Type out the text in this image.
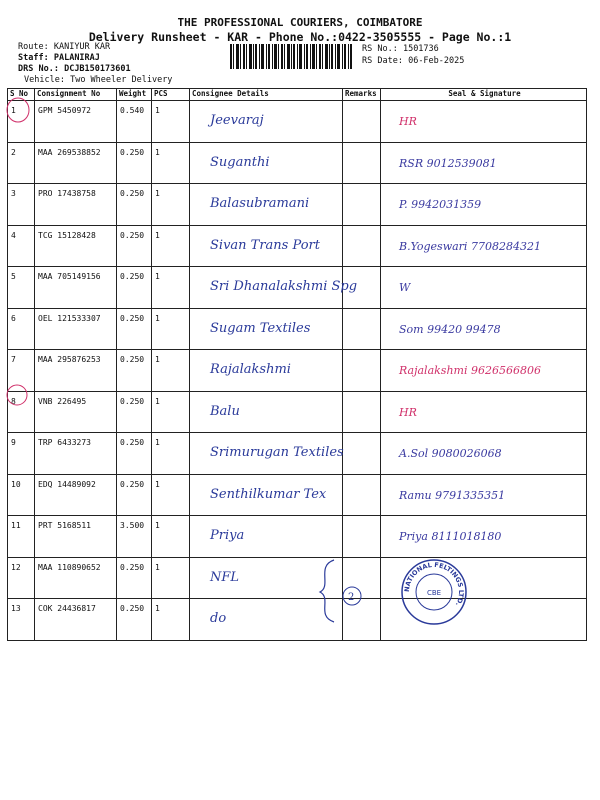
THE PROFESSIONAL COURIERS, COIMBATORE
Delivery Runsheet - KAR - Phone No.:0422-3505555 - Page No.:1
Route: KANIYUR KAR
Staff: PALANIRAJ
DRS No.: DCJB150173601
Vehicle: Two Wheeler Delivery
RS No.: 1501736
RS Date: 06-Feb-2025
S No	Consignment No	Weight	PCS	Consignee Details	Remarks	Seal & Signature

1	GPM 5450972	0.540	1	Jeevaraj		HR

2	MAA 269538852	0.250	1	Suganthi		RSR 9012539081

3	PRO 17438758	0.250	1	Balasubramani		P. 9942031359

4	TCG 15128428	0.250	1	Sivan Trans Port		B.Yogeswari 7708284321

5	MAA 705149156	0.250	1	Sri Dhanalakshmi Spg		W

6	OEL 121533307	0.250	1	Sugam Textiles		Som 99420 99478

7	MAA 295876253	0.250	1	Rajalakshmi		Rajalakshmi 9626566806

8	VNB 226495	0.250	1	Balu		HR

9	TRP 6433273	0.250	1	Srimurugan Textiles		A.Sol 9080026068

10	EDQ 14489092	0.250	1	Senthilkumar Tex		Ramu 9791335351

11	PRT 5168511	3.500	1	Priya		Priya 8111018180

12	MAA 110890652	0.250	1	NFL		

13	COK 24436817	0.250	1	do		

2
NATIONAL FELTINGS LTD.
CBE
